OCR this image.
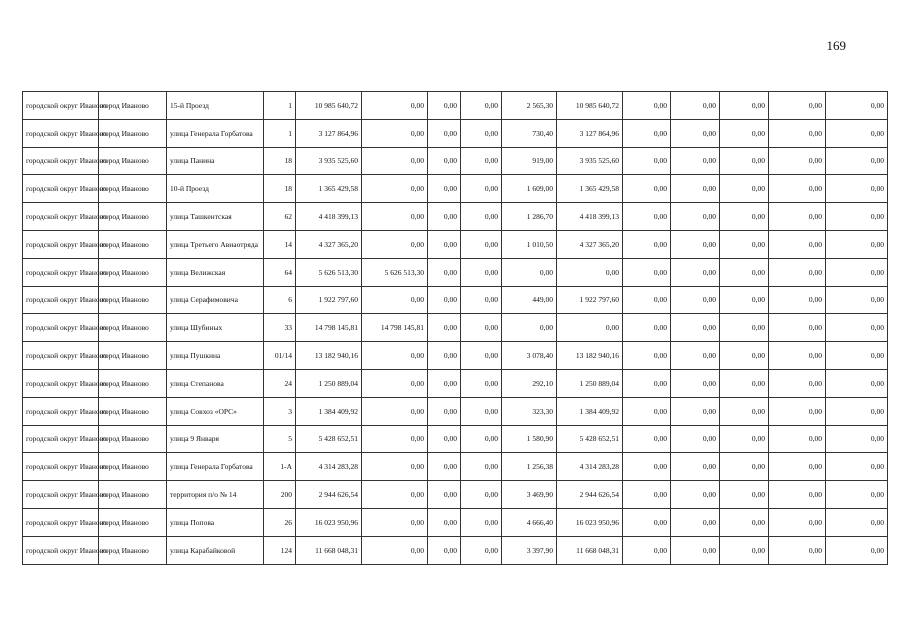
169
городской округ Иваново	город Иваново	15-й Проезд	1	10 985 640,72	0,00	0,00	0,00	2 565,30	10 985 640,72	0,00	0,00	0,00	0,00	0,00
городской округ Иваново	город Иваново	улица Генерала Горбатова	1	3 127 864,96	0,00	0,00	0,00	730,40	3 127 864,96	0,00	0,00	0,00	0,00	0,00
городской округ Иваново	город Иваново	улица Панина	18	3 935 525,60	0,00	0,00	0,00	919,00	3 935 525,60	0,00	0,00	0,00	0,00	0,00
городской округ Иваново	город Иваново	10-й Проезд	18	1 365 429,58	0,00	0,00	0,00	1 609,00	1 365 429,58	0,00	0,00	0,00	0,00	0,00
городской округ Иваново	город Иваново	улица Ташкентская	62	4 418 399,13	0,00	0,00	0,00	1 286,70	4 418 399,13	0,00	0,00	0,00	0,00	0,00
городской округ Иваново	город Иваново	улица Третьего Авиаотряда	14	4 327 365,20	0,00	0,00	0,00	1 010,50	4 327 365,20	0,00	0,00	0,00	0,00	0,00
городской округ Иваново	город Иваново	улица Велижская	64	5 626 513,30	5 626 513,30	0,00	0,00	0,00	0,00	0,00	0,00	0,00	0,00	0,00
городской округ Иваново	город Иваново	улица Серафимовича	6	1 922 797,60	0,00	0,00	0,00	449,00	1 922 797,60	0,00	0,00	0,00	0,00	0,00
городской округ Иваново	город Иваново	улица Шубиных	33	14 798 145,81	14 798 145,81	0,00	0,00	0,00	0,00	0,00	0,00	0,00	0,00	0,00
городской округ Иваново	город Иваново	улица Пушкина	01/14	13 182 940,16	0,00	0,00	0,00	3 078,40	13 182 940,16	0,00	0,00	0,00	0,00	0,00
городской округ Иваново	город Иваново	улица Степанова	24	1 250 889,04	0,00	0,00	0,00	292,10	1 250 889,04	0,00	0,00	0,00	0,00	0,00
городской округ Иваново	город Иваново	улица Совхоз «ОРС»	3	1 384 409,92	0,00	0,00	0,00	323,30	1 384 409,92	0,00	0,00	0,00	0,00	0,00
городской округ Иваново	город Иваново	улица 9 Января	5	5 428 652,51	0,00	0,00	0,00	1 580,90	5 428 652,51	0,00	0,00	0,00	0,00	0,00
городской округ Иваново	город Иваново	улица Генерала Горбатова	1-А	4 314 283,28	0,00	0,00	0,00	1 256,38	4 314 283,28	0,00	0,00	0,00	0,00	0,00
городской округ Иваново	город Иваново	территория п/о № 14	200	2 944 626,54	0,00	0,00	0,00	3 469,90	2 944 626,54	0,00	0,00	0,00	0,00	0,00
городской округ Иваново	город Иваново	улица Попова	26	16 023 950,96	0,00	0,00	0,00	4 666,40	16 023 950,96	0,00	0,00	0,00	0,00	0,00
городской округ Иваново	город Иваново	улица Карабайковой	124	11 668 048,31	0,00	0,00	0,00	3 397,90	11 668 048,31	0,00	0,00	0,00	0,00	0,00
